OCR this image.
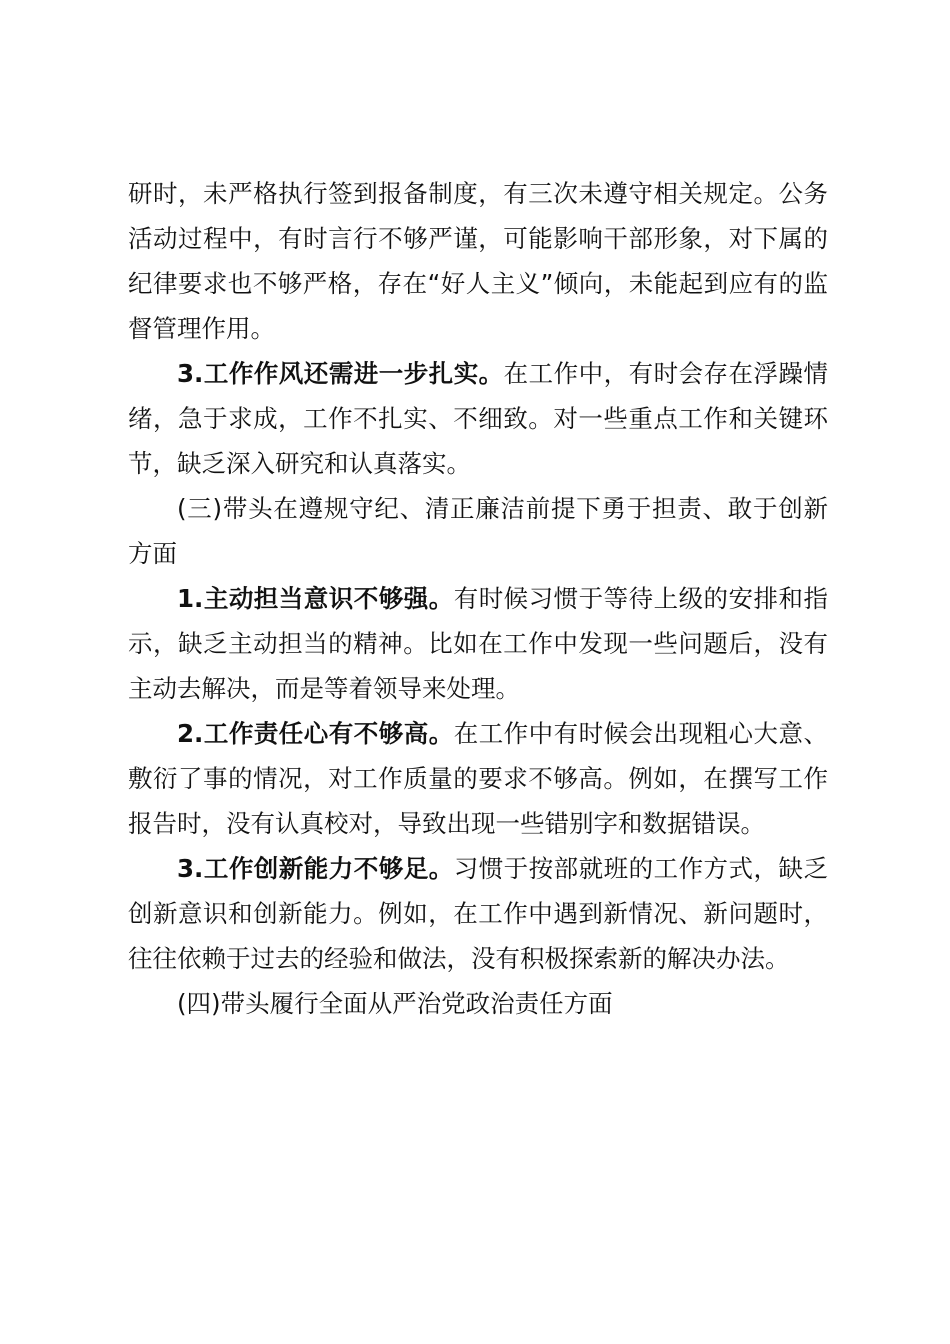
研时，未严格执行签到报备制度，有三次未遵守相关规定。公务活动过程中，有时言行不够严谨，可能影响干部形象，对下属的纪律要求也不够严格，存在“好人主义”倾向，未能起到应有的监督管理作用。

3.工作作风还需进一步扎实。在工作中，有时会存在浮躁情绪，急于求成，工作不扎实、不细致。对一些重点工作和关键环节，缺乏深入研究和认真落实。

(三)带头在遵规守纪、清正廉洁前提下勇于担责、敢于创新方面

1.主动担当意识不够强。有时候习惯于等待上级的安排和指示，缺乏主动担当的精神。比如在工作中发现一些问题后，没有主动去解决，而是等着领导来处理。

2.工作责任心有不够高。在工作中有时候会出现粗心大意、敷衍了事的情况，对工作质量的要求不够高。例如，在撰写工作报告时，没有认真校对，导致出现一些错别字和数据错误。

3.工作创新能力不够足。习惯于按部就班的工作方式，缺乏创新意识和创新能力。例如，在工作中遇到新情况、新问题时，往往依赖于过去的经验和做法，没有积极探索新的解决办法。

(四)带头履行全面从严治党政治责任方面
